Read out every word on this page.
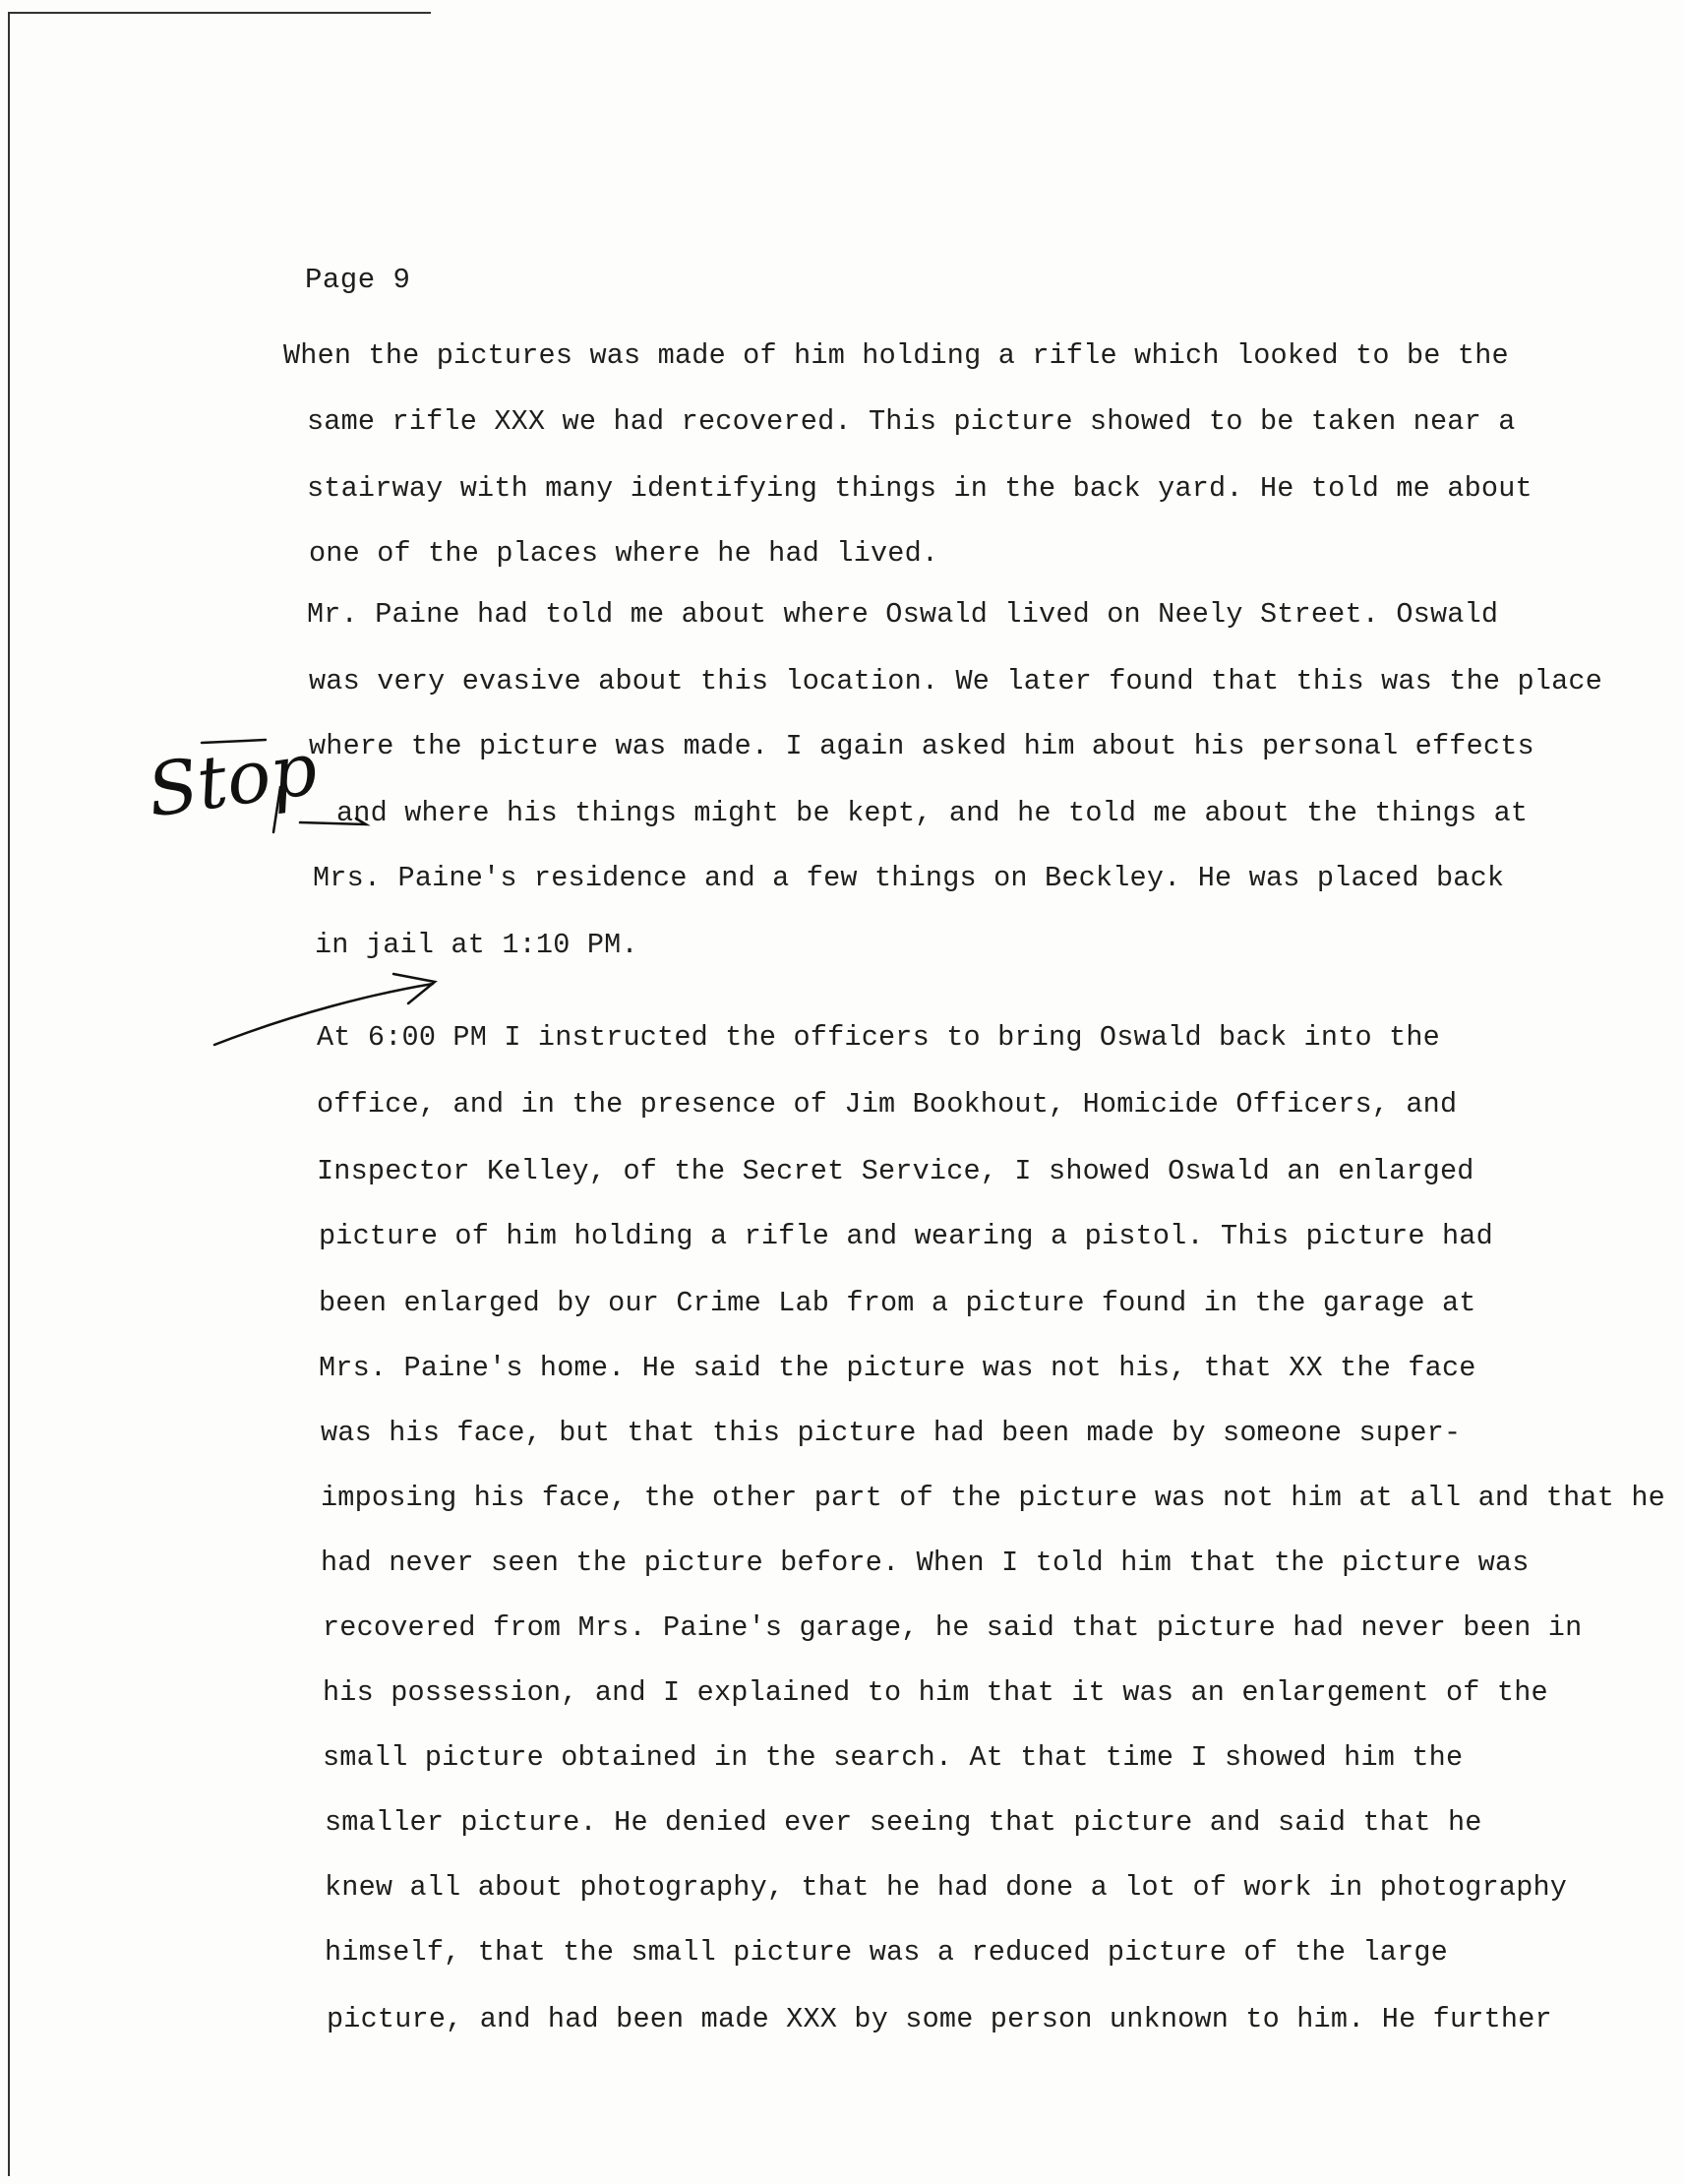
Page 9
When the pictures was made of him holding a rifle which looked to be the
same rifle XXX we had recovered. This picture showed to be taken near a
stairway with many identifying things in the back yard. He told me about
one of the places where he had lived.
Mr. Paine had told me about where Oswald lived on Neely Street. Oswald
was very evasive about this location. We later found that this was the place
where the picture was made. I again asked him about his personal effects
and where his things might be kept, and he told me about the things at
Mrs. Paine's residence and a few things on Beckley. He was placed back
in jail at 1:10 PM.
At 6:00 PM I instructed the officers to bring Oswald back into the
office, and in the presence of Jim Bookhout, Homicide Officers, and
Inspector Kelley, of the Secret Service, I showed Oswald an enlarged
picture of him holding a rifle and wearing a pistol. This picture had
been enlarged by our Crime Lab from a picture found in the garage at
Mrs. Paine's home. He said the picture was not his, that XX the face
was his face, but that this picture had been made by someone super-
imposing his face, the other part of the picture was not him at all and that he
had never seen the picture before. When I told him that the picture was
recovered from Mrs. Paine's garage, he said that picture had never been in
his possession, and I explained to him that it was an enlargement of the
small picture obtained in the search. At that time I showed him the
smaller picture. He denied ever seeing that picture and said that he
knew all about photography, that he had done a lot of work in photography
himself, that the small picture was a reduced picture of the large
picture, and had been made XXX by some person unknown to him. He further
Stop
